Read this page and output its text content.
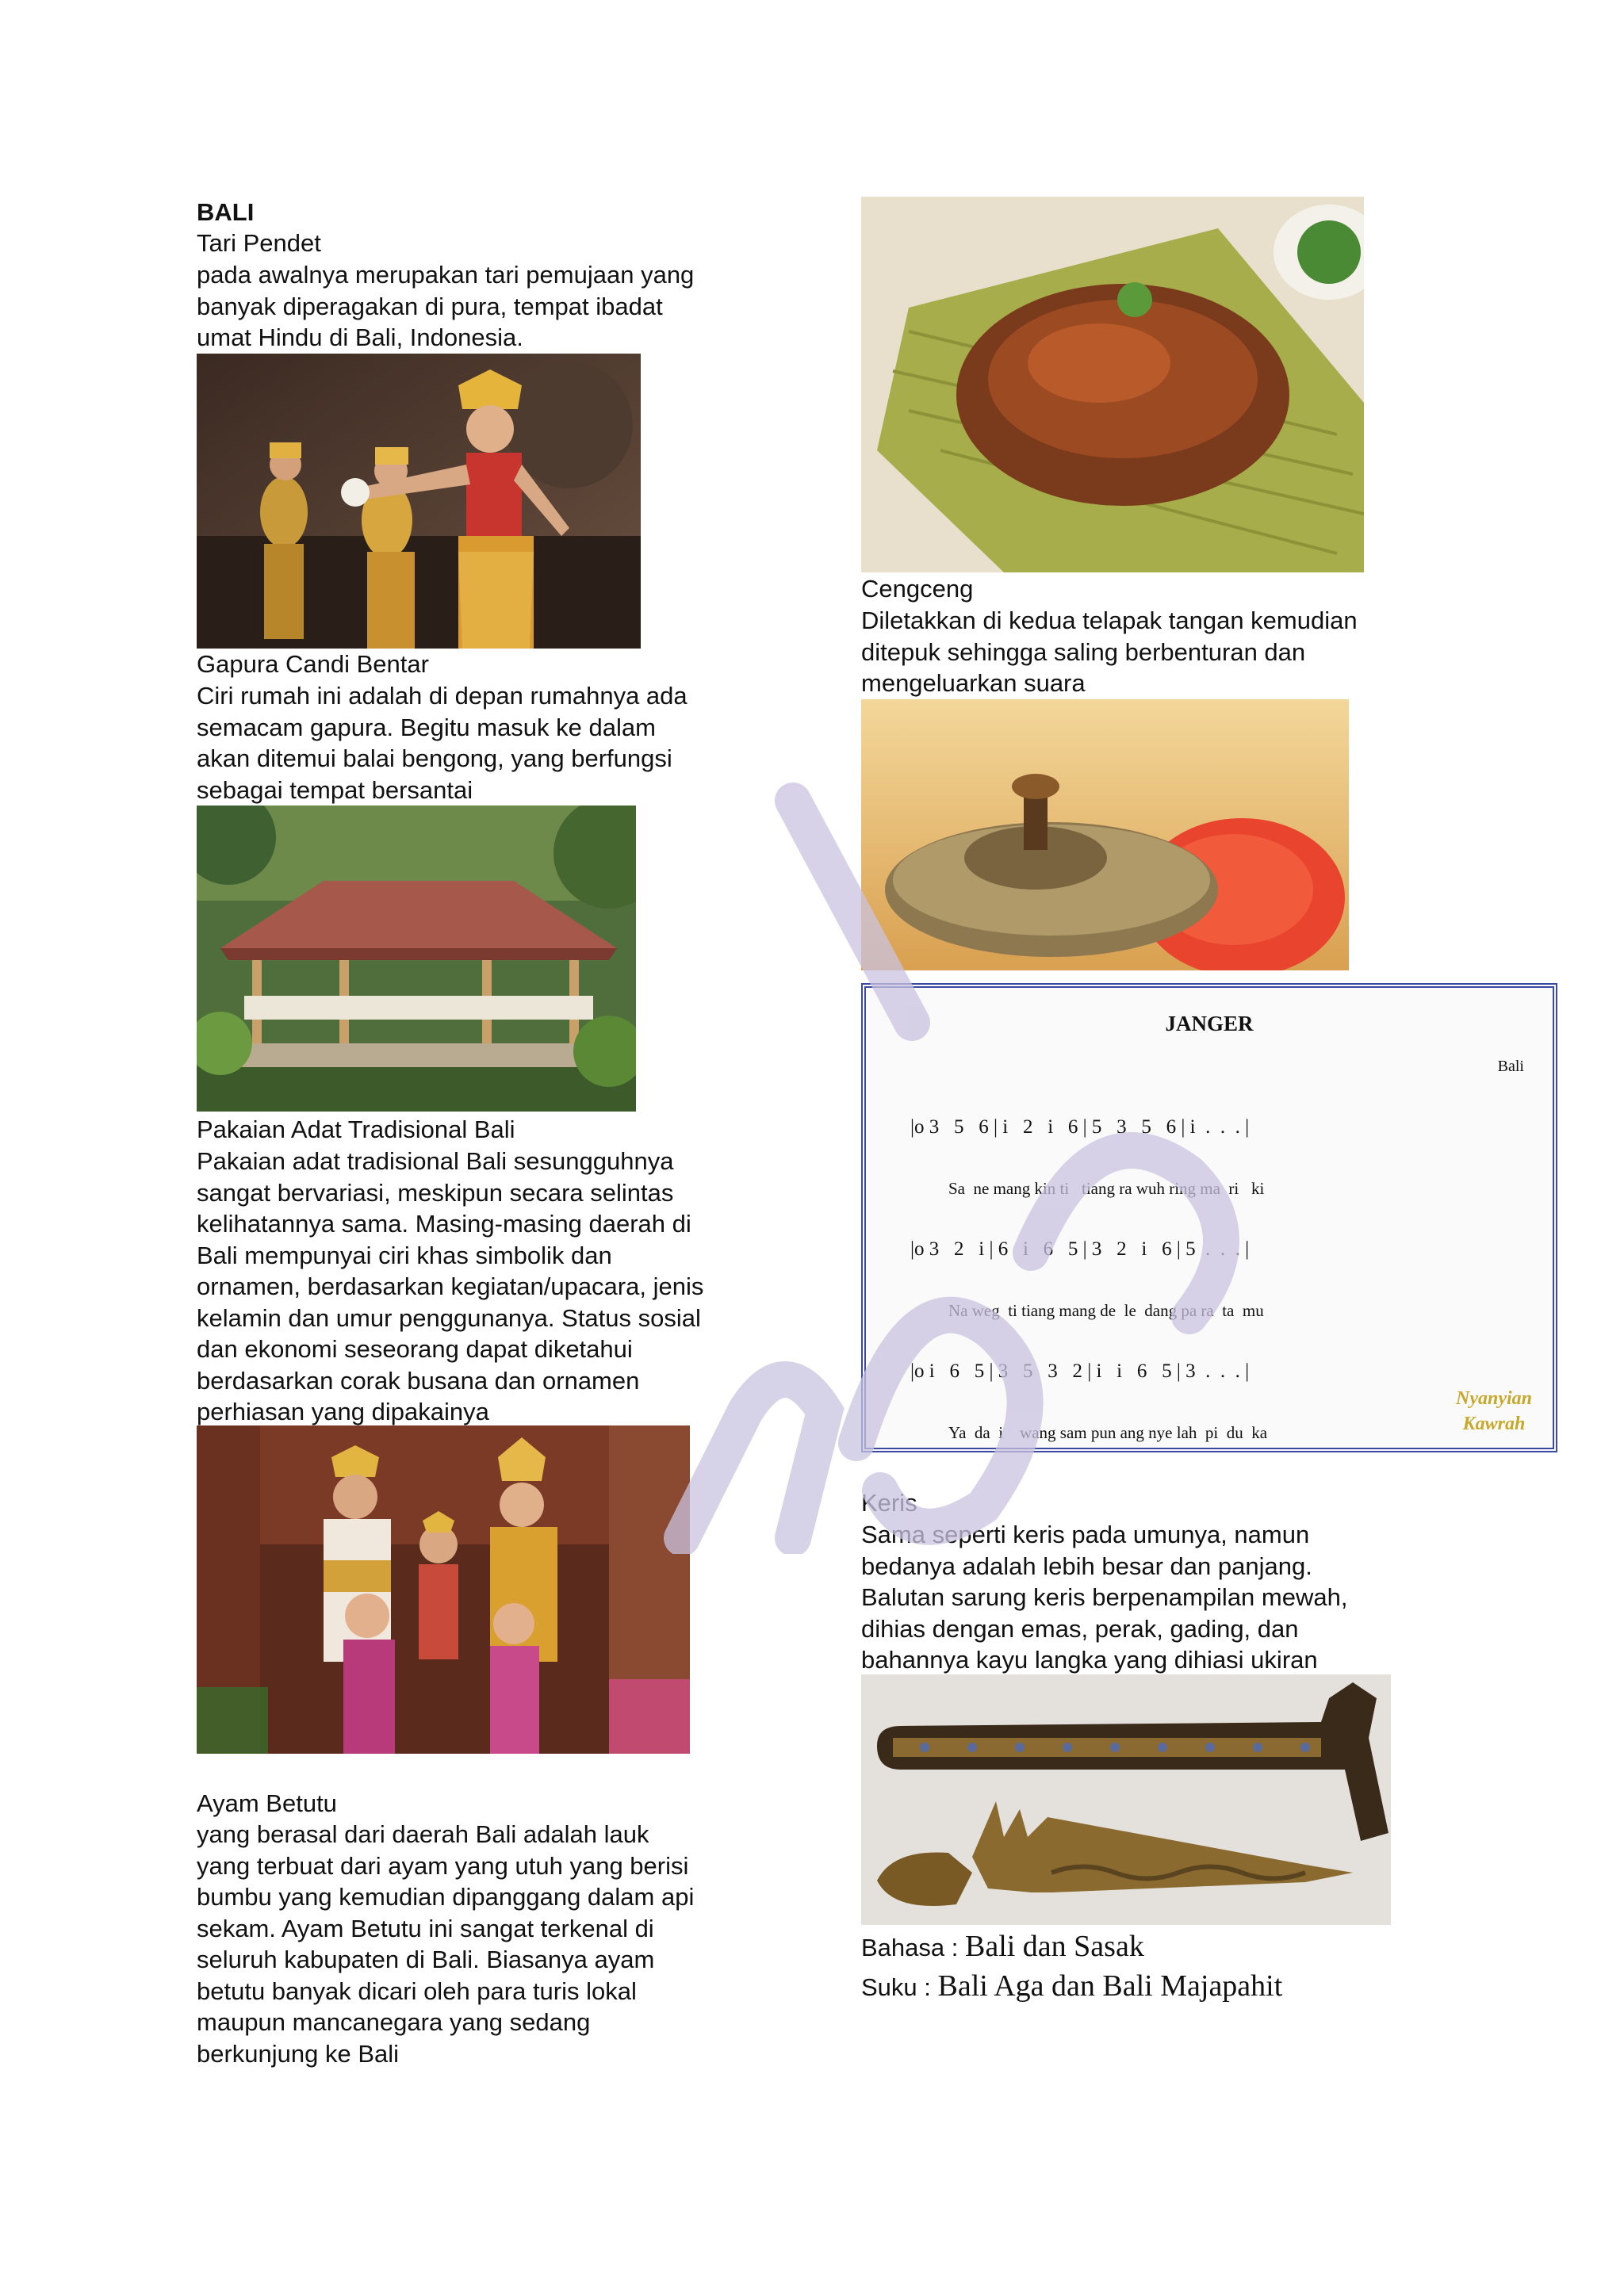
BALI
Tari Pendet
pada awalnya merupakan tari pemujaan yang
banyak diperagakan di pura, tempat ibadat
umat Hindu di Bali, Indonesia.
Gapura Candi Bentar
Ciri rumah ini adalah di depan rumahnya ada
semacam gapura. Begitu masuk ke dalam
akan ditemui balai bengong, yang berfungsi
sebagai tempat bersantai
Pakaian Adat Tradisional Bali
Pakaian adat tradisional Bali sesungguhnya
sangat bervariasi, meskipun secara selintas
kelihatannya sama. Masing-masing daerah di
Bali mempunyai ciri khas simbolik dan
ornamen, berdasarkan kegiatan/upacara, jenis
kelamin dan umur penggunanya. Status sosial
dan ekonomi seseorang dapat diketahui
berdasarkan corak busana dan ornamen
perhiasan yang dipakainya
Ayam Betutu
yang berasal dari daerah Bali adalah lauk
yang terbuat dari ayam yang utuh yang berisi
bumbu yang kemudian dipanggang dalam api
sekam. Ayam Betutu ini sangat terkenal di
seluruh kabupaten di Bali. Biasanya ayam
betutu banyak dicari oleh para turis lokal
maupun mancanegara yang sedang
berkunjung ke Bali
Cengceng
Diletakkan di kedua telapak tangan kemudian
ditepuk sehingga saling berbenturan dan
mengeluarkan suara
JANGER
Bali

|o 3   5   6 | i   2   i   6 | 5   3   5   6 | i  .  .  . |

Sa  ne mang kin ti   tiang ra wuh ring ma  ri   ki

|o 3   2   i | 6   i   6   5 | 3   2   i   6 | 5  .  .  . |

Na weg  ti tiang mang de  le  dang pa ra  ta  mu

|o i   6   5 | 3   5   3   2 | i   i   6   5 | 3  .  .  . |

Ya  da  i    wang sam pun ang nye lah  pi  du  ka

Nyanyian
Kawrah
Keris
Sama seperti keris pada umunya, namun
bedanya adalah lebih besar dan panjang.
Balutan sarung keris berpenampilan mewah,
dihias dengan emas, perak, gading, dan
bahannya kayu langka yang dihiasi ukiran
Bahasa : Bali dan Sasak
Suku : Bali Aga dan Bali Majapahit
